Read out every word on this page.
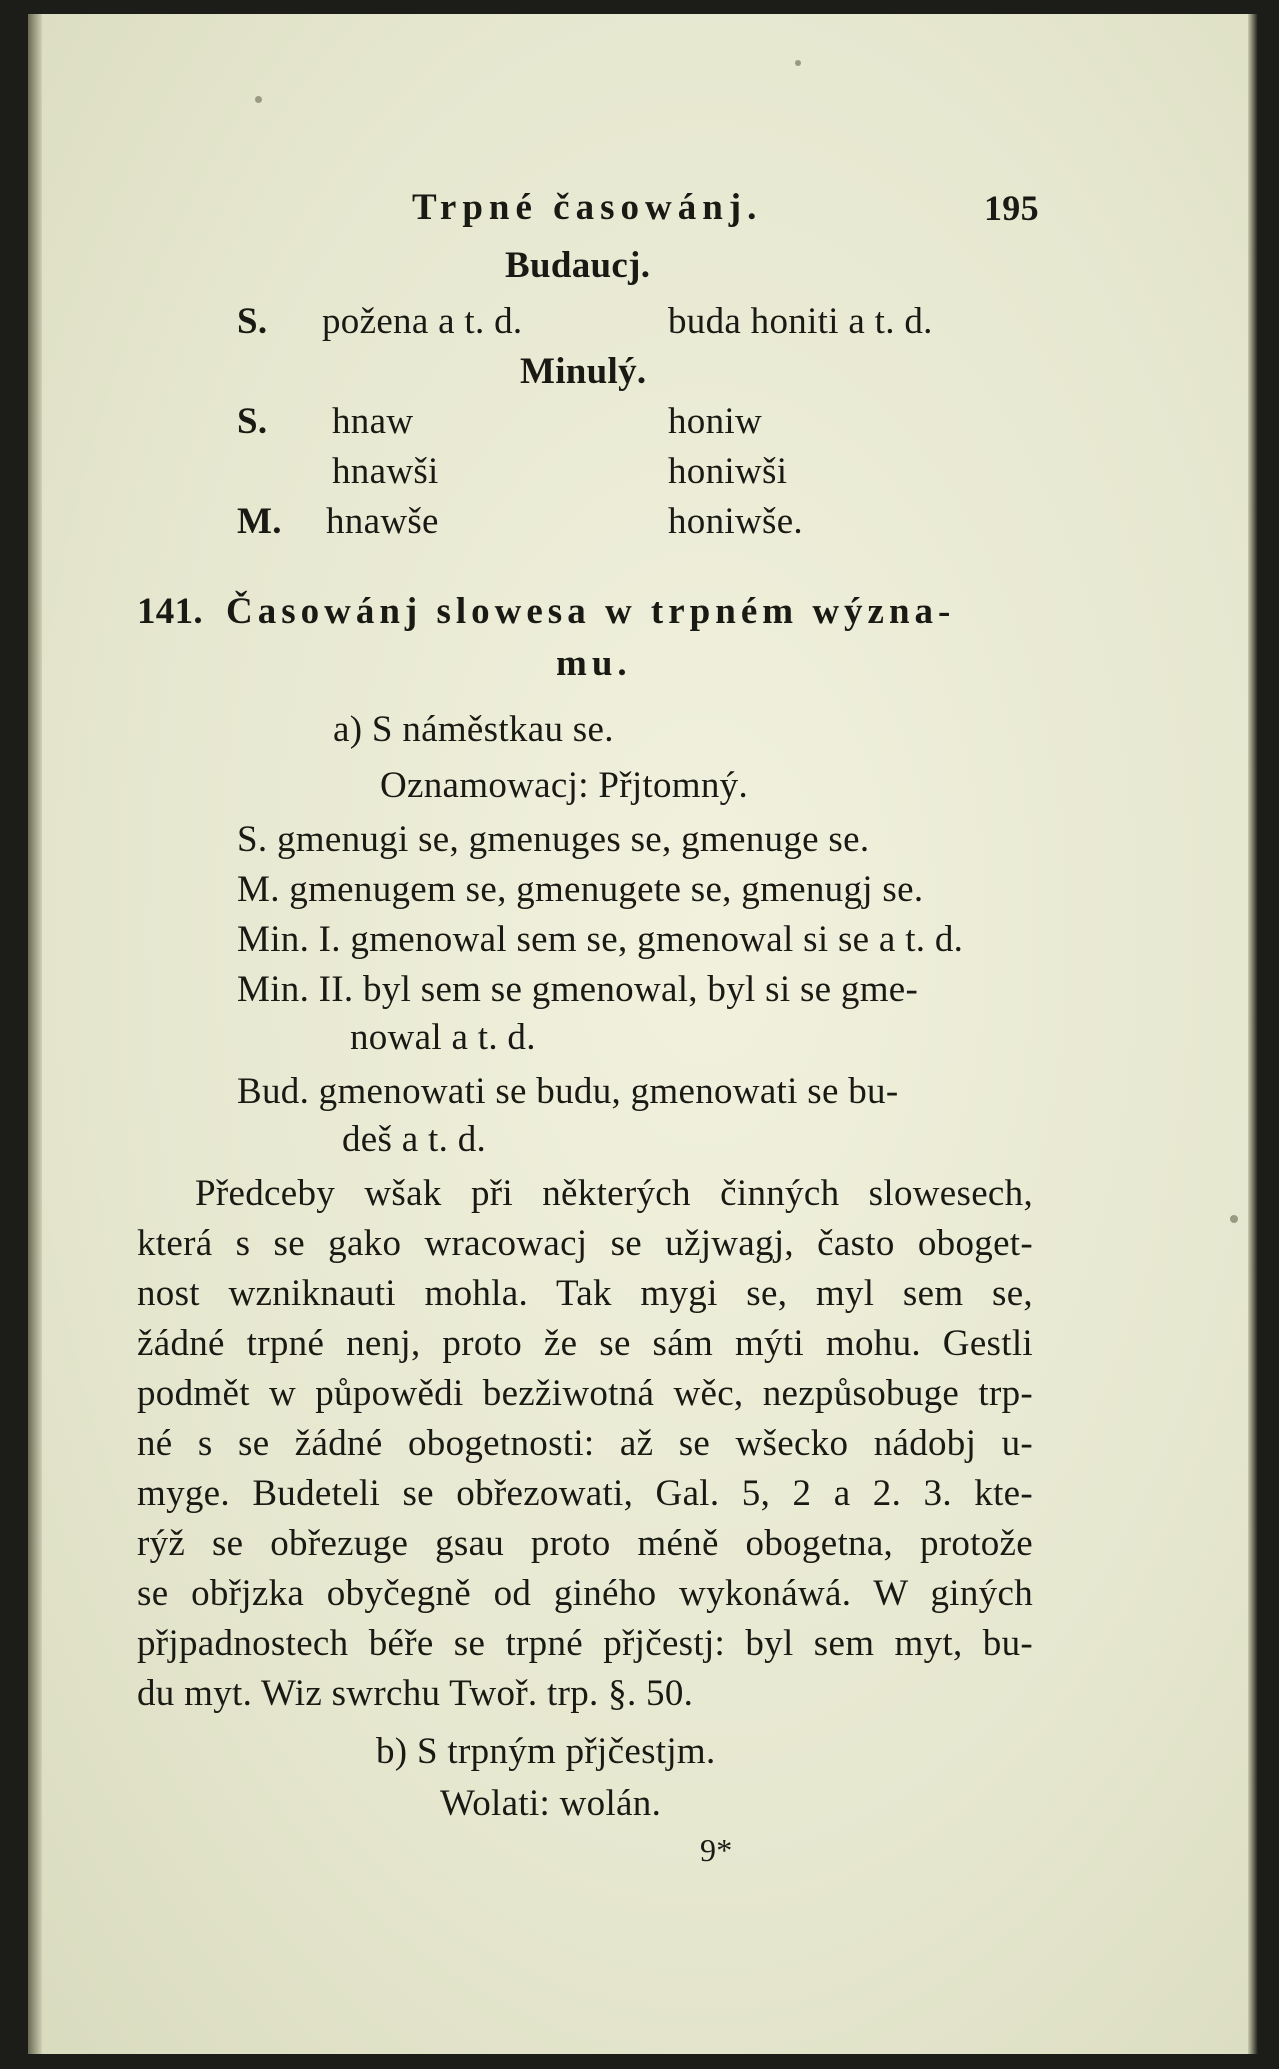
Trpné časowánj.	195
Budaucj.
S. požena a t. d.	buda honiti a t. d.
Minulý.
S. hnaw	honiw
hnawši	honiwši
M. hnawše	honiwše.
141. Časowánj slowesa w trpném wýzna-
mu.
a) S náměstkau se.
Oznamowacj: Přjtomný.
S. gmenugi se, gmenuges se, gmenuge se.
M. gmenugem se, gmenugete se, gmenugj se.
Min. I. gmenowal sem se, gmenowal si se a t. d.
Min. II. byl sem se gmenowal, byl si se gme-
nowal a t. d.
Bud. gmenowati se budu, gmenowati se bu-
deš a t. d.
Předceby wšak při některých činných slowesech,
která s se gako wracowacj se užjwagj, často oboget-
nost wzniknauti mohla. Tak mygi se, myl sem se,
žádné trpné nenj, proto že se sám mýti mohu. Gestli
podmět w půpowědi bezžiwotná wěc, nezpůsobuge trp-
né s se žádné obogetnosti: až se wšecko nádobj u-
myge. Budeteli se obřezowati, Gal. 5, 2 a 2. 3. kte-
rýž se obřezuge gsau proto méně obogetna, protože
se obřjzka obyčegně od giného wykonáwá. W giných
přjpadnostech béře se trpné přjčestj: byl sem myt, bu-
du myt. Wiz swrchu Twoř. trp. §. 50.
b) S trpným přjčestjm.
Wolati: wolán.
9*
